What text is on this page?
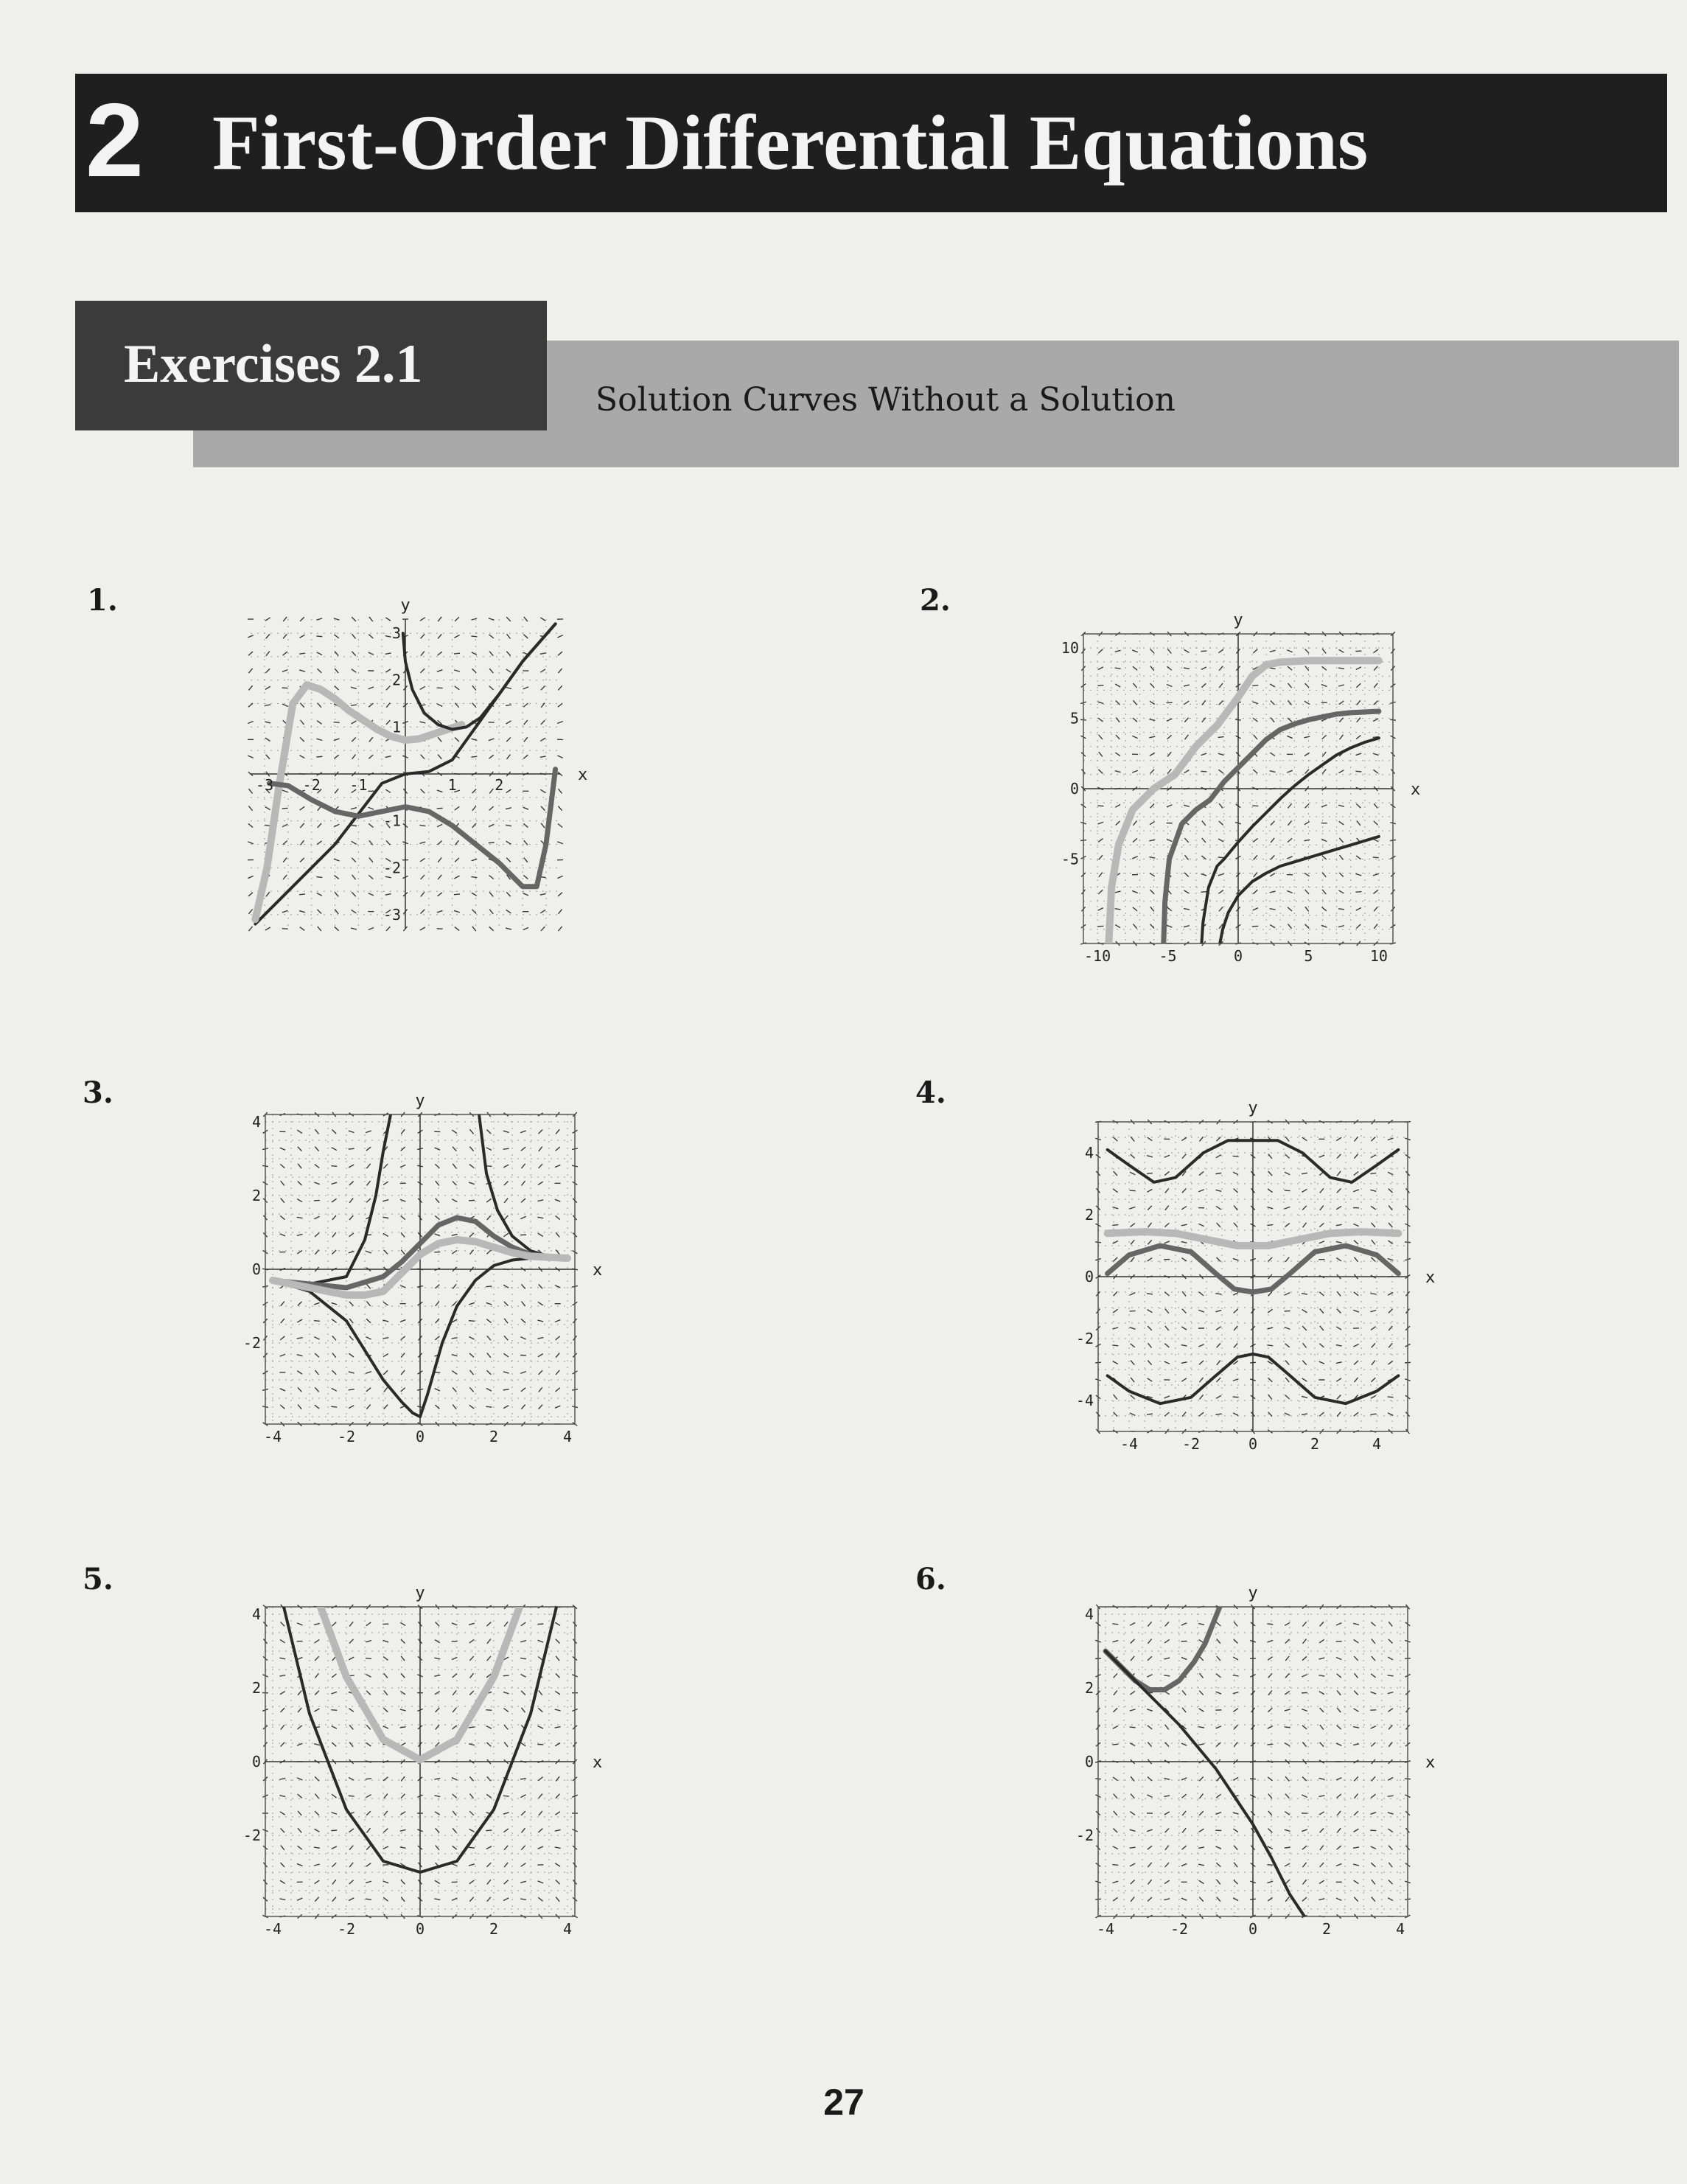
2 First-Order Differential Equations
Exercises 2.1
Solution Curves Without a Solution
1.	2.
3.	4.
5.	6.
-3 -2 -1	1	2
3
2
1
-1
-2
-3
x
y
-10	-5	0	5	10
10
5
0
-5
x
y
-4	-2	0	2	4
4
2
0
-2
x
y
-4	-2	0	2	4
4
2
0
-2
-4
x
y
-4	-2	0	2	4
4
2
0
-2
x
y
-4	-2	0	2	4
4
2
0
-2
x
y
27
